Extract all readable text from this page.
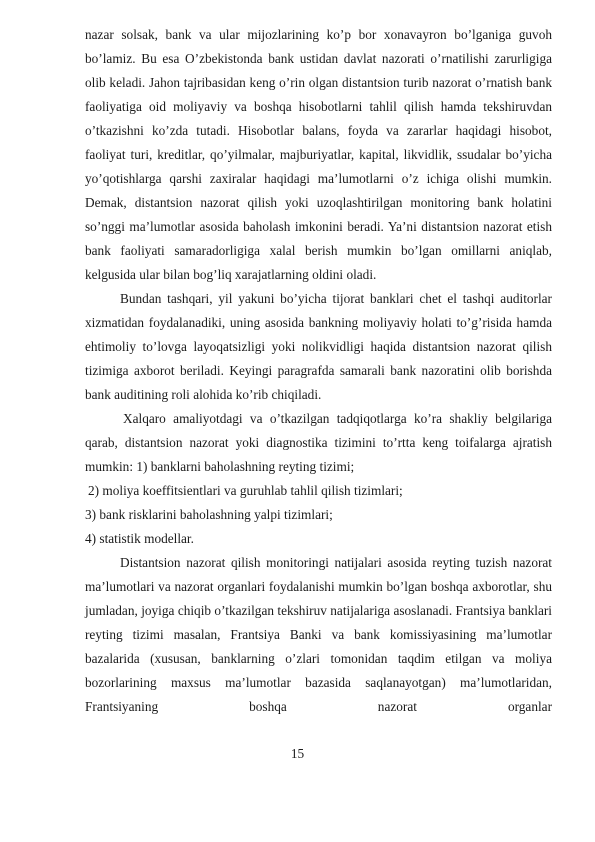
nazar solsak, bank va ular mijozlarining ko’p bor xonavayron bo’lganiga guvoh bo’lamiz. Bu esa O’zbekistonda bank ustidan davlat nazorati o’rnatilishi zarurligiga olib keladi. Jahon tajribasidan keng o’rin olgan distantsion turib nazorat o’rnatish bank faoliyatiga oid moliyaviy va boshqa hisobotlarni tahlil qilish hamda tekshiruvdan o’tkazishni ko’zda tutadi. Hisobotlar balans, foyda va zararlar haqidagi hisobot, faoliyat turi, kreditlar, qo’yilmalar, majburiyatlar, kapital, likvidlik, ssudalar bo’yicha yo’qotishlarga qarshi zaxiralar haqidagi ma’lumotlarni o’z ichiga olishi mumkin. Demak, distantsion nazorat qilish yoki uzoqlashtirilgan monitoring bank holatini so’nggi ma’lumotlar asosida baholash imkonini beradi. Ya’ni distantsion nazorat etish bank faoliyati samaradorligiga xalal berish mumkin bo’lgan omillarni aniqlab, kelgusida ular bilan bog’liq xarajatlarning oldini oladi.

Bundan tashqari, yil yakuni bo’yicha tijorat banklari chet el tashqi auditorlar xizmatidan foydalanadiki, uning asosida bankning moliyaviy holati to’g’risida hamda ehtimoliy to’lovga layoqatsizligi yoki nolikvidligi haqida distantsion nazorat qilish tizimiga axborot beriladi. Keyingi paragrafda samarali bank nazoratini olib borishda bank auditining roli alohida ko’rib chiqiladi.

Xalqaro amaliyotdagi va o’tkazilgan tadqiqotlarga ko’ra shakliy belgilariga qarab, distantsion nazorat yoki diagnostika tizimini to’rtta keng toifalarga ajratish mumkin: 1) banklarni baholashning reyting tizimi;

2) moliya koeffitsientlari va guruhlab tahlil qilish tizimlari;

3) bank risklarini baholashning yalpi tizimlari;

4) statistik modellar.

Distantsion nazorat qilish monitoringi natijalari asosida reyting tuzish nazorat ma’lumotlari va nazorat organlari foydalanishi mumkin bo’lgan boshqa axborotlar, shu jumladan, joyiga chiqib o’tkazilgan tekshiruv natijalariga asoslanadi. Frantsiya banklari reyting tizimi masalan, Frantsiya Banki va bank komissiyasining ma’lumotlar bazalarida (xususan, banklarning o’zlari tomonidan taqdim etilgan va moliya bozorlarining maxsus ma’lumotlar bazasida saqlanayotgan) ma’lumotlaridan, Frantsiyaning boshqa nazorat organlar

15
